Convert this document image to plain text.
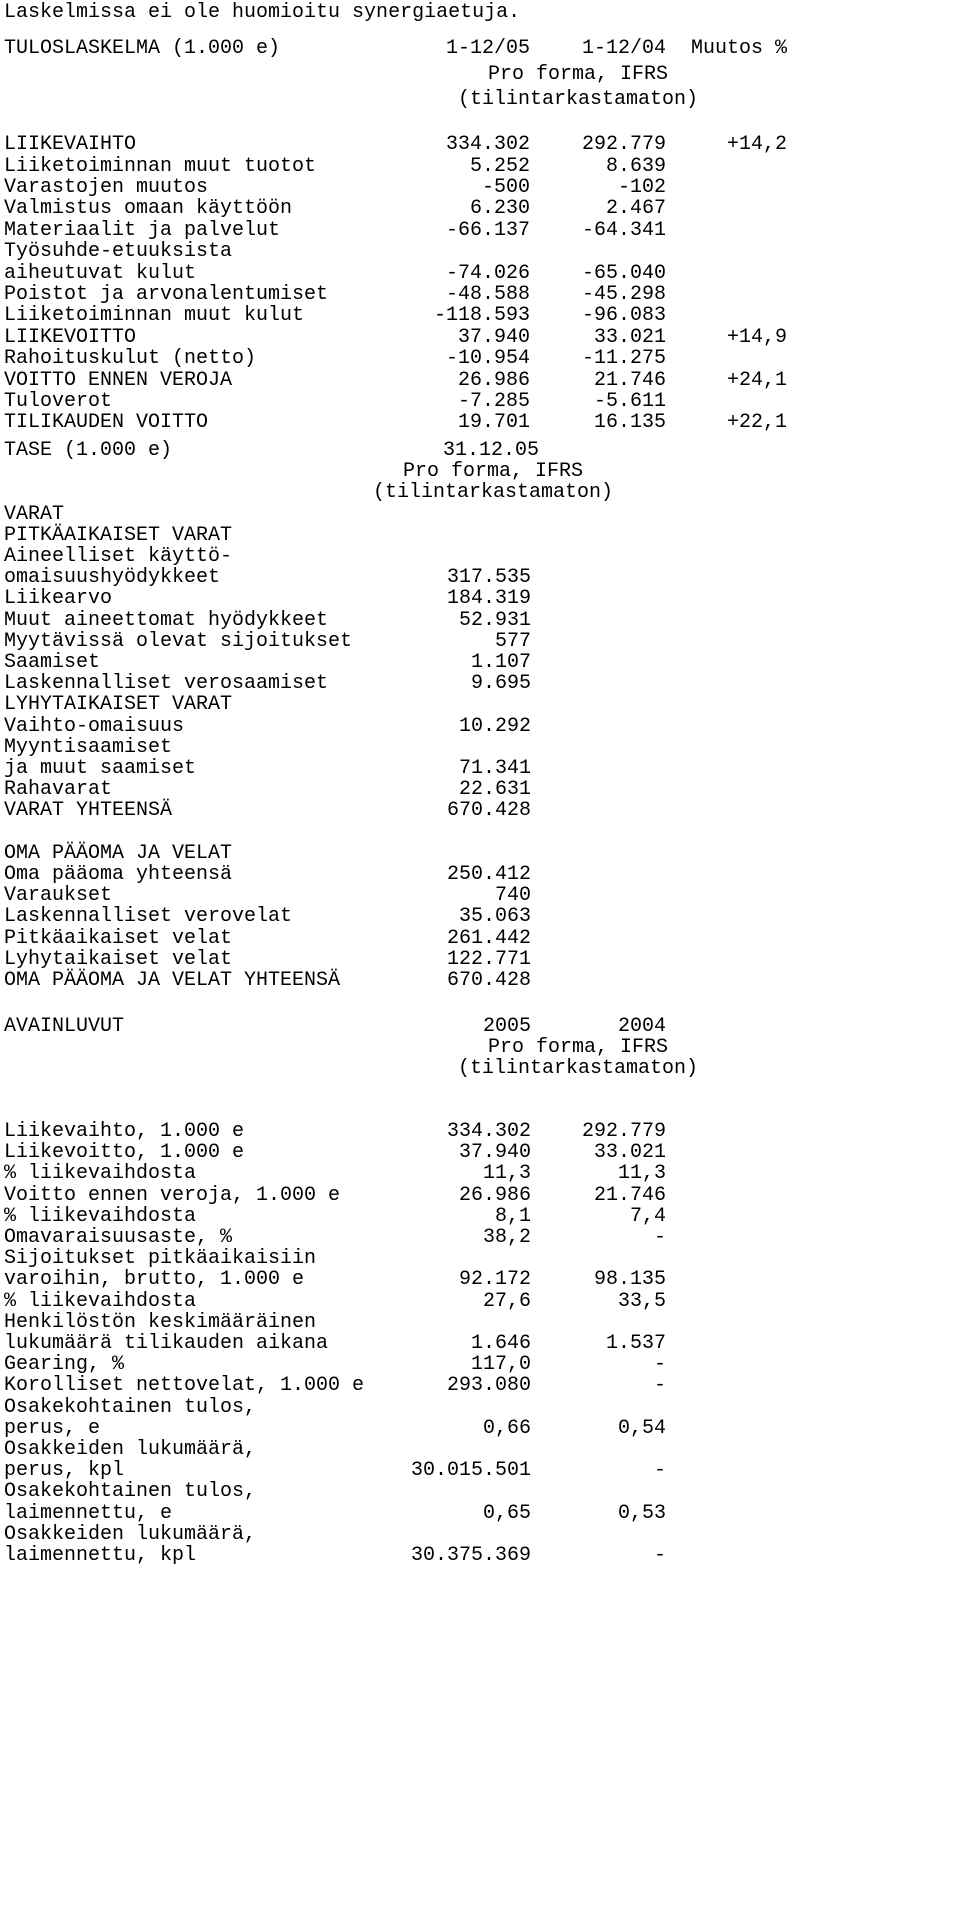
Laskelmissa ei ole huomioitu synergiaetuja.
TULOSLASKELMA (1.000 e)	1-12/05	1-12/04 Muutos %
Pro forma, IFRS
(tilintarkastamaton)
LIIKEVAIHTO	334.302	292.779	+14,2
Liiketoiminnan muut tuotot	5.252	8.639
Varastojen muutos	-500	-102
Valmistus omaan käyttöön	6.230	2.467
Materiaalit ja palvelut	-66.137	-64.341
Työsuhde-etuuksista
aiheutuvat kulut	-74.026	-65.040
Poistot ja arvonalentumiset	-48.588	-45.298
Liiketoiminnan muut kulut	-118.593	-96.083
LIIKEVOITTO	37.940	33.021	+14,9
Rahoituskulut (netto)	-10.954	-11.275
VOITTO ENNEN VEROJA	26.986	21.746	+24,1
Tuloverot	-7.285	-5.611
TILIKAUDEN VOITTO	19.701	16.135	+22,1
TASE (1.000 e)	31.12.05
Pro forma, IFRS
(tilintarkastamaton)
VARAT
PITKÄAIKAISET VARAT
Aineelliset käyttö-
omaisuushyödykkeet	317.535
Liikearvo	184.319
Muut aineettomat hyödykkeet	52.931
Myytävissä olevat sijoitukset	577
Saamiset	1.107
Laskennalliset verosaamiset	9.695
LYHYTAIKAISET VARAT
Vaihto-omaisuus	10.292
Myyntisaamiset
ja muut saamiset	71.341
Rahavarat	22.631
VARAT YHTEENSÄ	670.428
OMA PÄÄOMA JA VELAT
Oma pääoma yhteensä	250.412
Varaukset	740
Laskennalliset verovelat	35.063
Pitkäaikaiset velat	261.442
Lyhytaikaiset velat	122.771
OMA PÄÄOMA JA VELAT YHTEENSÄ	670.428
AVAINLUVUT	2005	2004
Pro forma, IFRS
(tilintarkastamaton)
Liikevaihto, 1.000 e	334.302	292.779
Liikevoitto, 1.000 e	37.940	33.021
% liikevaihdosta	11,3	11,3
Voitto ennen veroja, 1.000 e	26.986	21.746
% liikevaihdosta	8,1	7,4
Omavaraisuusaste, %	38,2	-
Sijoitukset pitkäaikaisiin
varoihin, brutto, 1.000 e	92.172	98.135
% liikevaihdosta	27,6	33,5
Henkilöstön keskimääräinen
lukumäärä tilikauden aikana	1.646	1.537
Gearing, %	117,0	-
Korolliset nettovelat, 1.000 e	293.080	-
Osakekohtainen tulos,
perus, e	0,66	0,54
Osakkeiden lukumäärä,
perus, kpl	30.015.501	-
Osakekohtainen tulos,
laimennettu, e	0,65	0,53
Osakkeiden lukumäärä,
laimennettu, kpl	30.375.369	-
